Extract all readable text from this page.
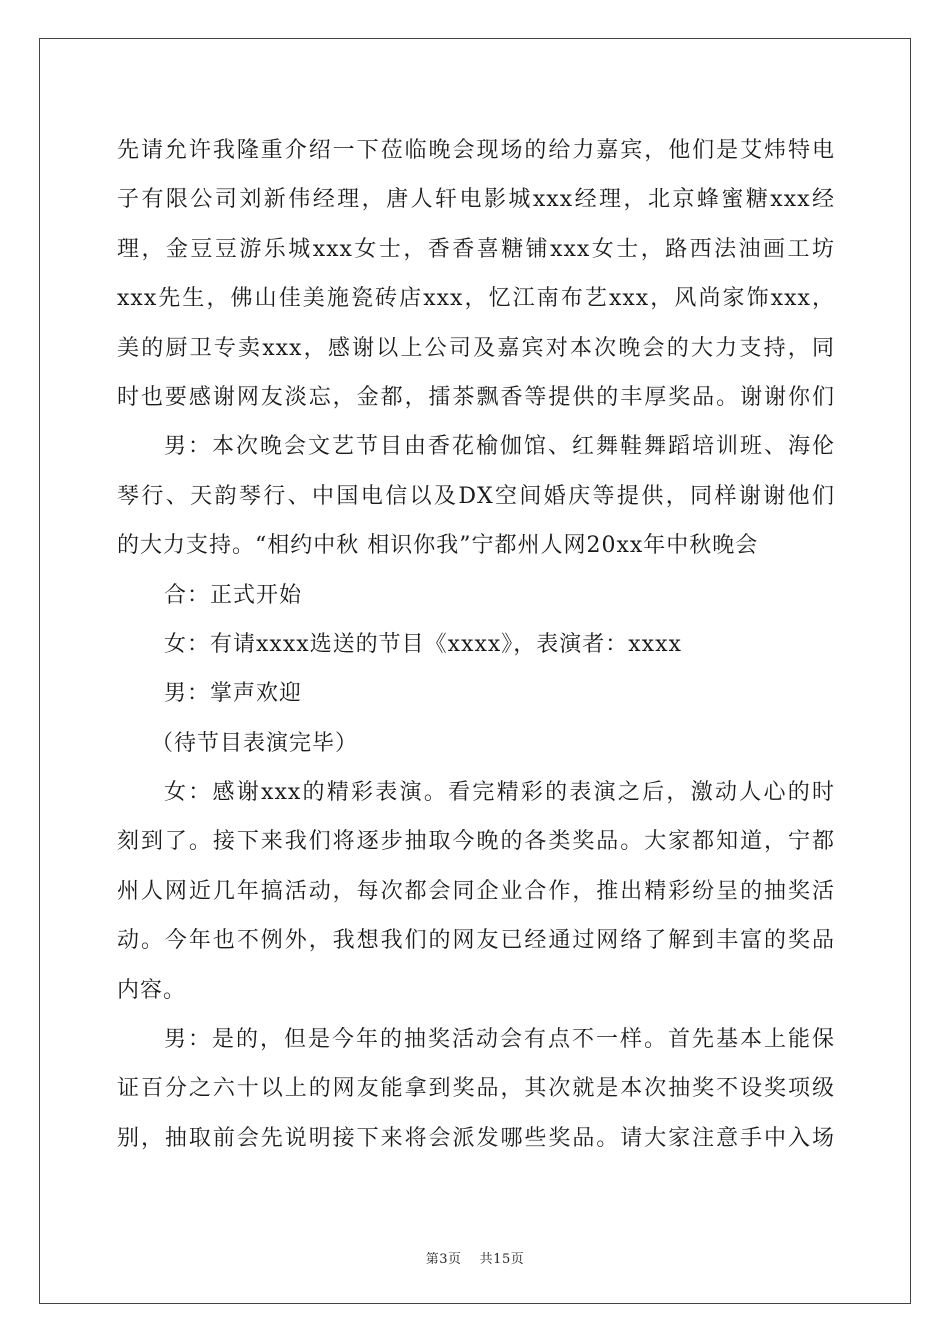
先请允许我隆重介绍一下莅临晚会现场的给力嘉宾，他们是艾炜特电
子有限公司刘新伟经理，唐人轩电影城xxx经理，北京蜂蜜糖xxx经
理，金豆豆游乐城xxx女士，香香喜糖铺xxx女士，路西法油画工坊
xxx先生，佛山佳美施瓷砖店xxx，忆江南布艺xxx，风尚家饰xxx，
美的厨卫专卖xxx，感谢以上公司及嘉宾对本次晚会的大力支持，同
时也要感谢网友淡忘，金都，擂茶飘香等提供的丰厚奖品。谢谢你们
男：本次晚会文艺节目由香花榆伽馆、红舞鞋舞蹈培训班、海伦
琴行、天韵琴行、中国电信以及DX空间婚庆等提供，同样谢谢他们
的大力支持。“相约中秋 相识你我”宁都州人网20xx年中秋晚会
合：正式开始
女：有请xxxx选送的节目《xxxx》，表演者：xxxx
男：掌声欢迎
（待节目表演完毕）
女：感谢xxx的精彩表演。看完精彩的表演之后，激动人心的时
刻到了。接下来我们将逐步抽取今晚的各类奖品。大家都知道，宁都
州人网近几年搞活动，每次都会同企业合作，推出精彩纷呈的抽奖活
动。今年也不例外，我想我们的网友已经通过网络了解到丰富的奖品
内容。
男：是的，但是今年的抽奖活动会有点不一样。首先基本上能保
证百分之六十以上的网友能拿到奖品，其次就是本次抽奖不设奖项级
别，抽取前会先说明接下来将会派发哪些奖品。请大家注意手中入场
第3页　 共15页
